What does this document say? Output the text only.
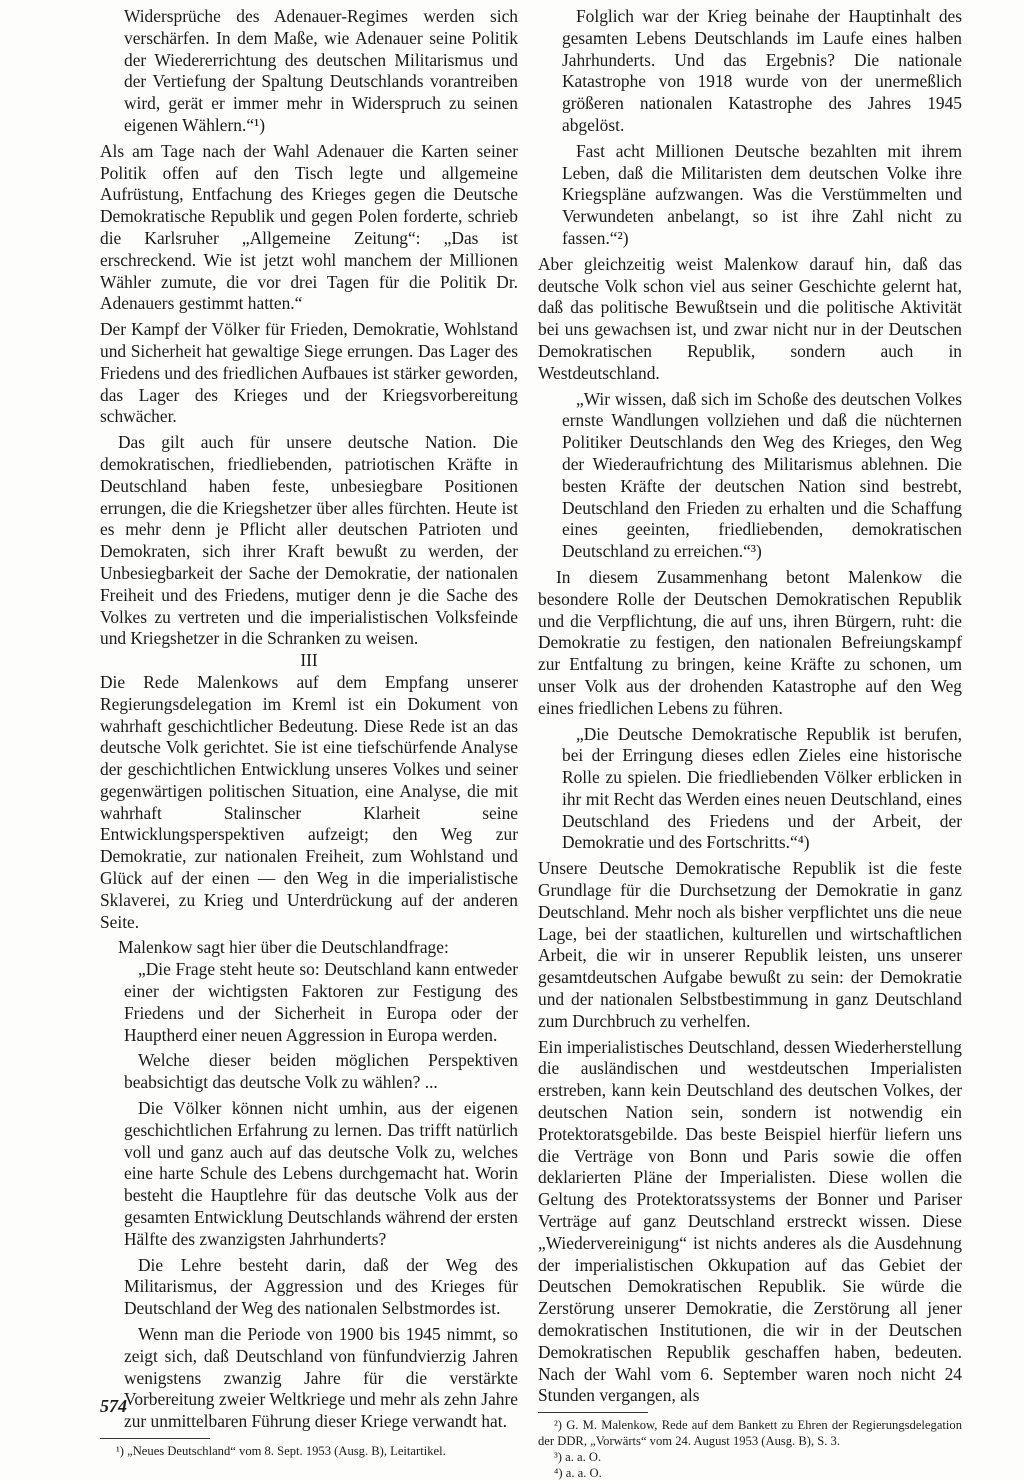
Widersprüche des Adenauer-Regimes werden sich verschärfen. In dem Maße, wie Adenauer seine Politik der Wiedererrichtung des deutschen Militarismus und der Vertiefung der Spaltung Deutschlands vorantreiben wird, gerät er immer mehr in Widerspruch zu seinen eigenen Wählern.“¹)

Als am Tage nach der Wahl Adenauer die Karten seiner Politik offen auf den Tisch legte und allgemeine Aufrüstung, Entfachung des Krieges gegen die Deutsche Demokratische Republik und gegen Polen forderte, schrieb die Karlsruher „Allgemeine Zeitung“: „Das ist erschreckend. Wie ist jetzt wohl manchem der Millionen Wähler zumute, die vor drei Tagen für die Politik Dr. Adenauers gestimmt hatten.“

Der Kampf der Völker für Frieden, Demokratie, Wohlstand und Sicherheit hat gewaltige Siege errungen. Das Lager des Friedens und des friedlichen Aufbaues ist stärker geworden, das Lager des Krieges und der Kriegsvorbereitung schwächer.

Das gilt auch für unsere deutsche Nation. Die demokratischen, friedliebenden, patriotischen Kräfte in Deutschland haben feste, unbesiegbare Positionen errungen, die die Kriegshetzer über alles fürchten. Heute ist es mehr denn je Pflicht aller deutschen Patrioten und Demokraten, sich ihrer Kraft bewußt zu werden, der Unbesiegbarkeit der Sache der Demokratie, der nationalen Freiheit und des Friedens, mutiger denn je die Sache des Volkes zu vertreten und die imperialistischen Volksfeinde und Kriegshetzer in die Schranken zu weisen.

III

Die Rede Malenkows auf dem Empfang unserer Regierungsdelegation im Kreml ist ein Dokument von wahrhaft geschichtlicher Bedeutung. Diese Rede ist an das deutsche Volk gerichtet. Sie ist eine tiefschürfende Analyse der geschichtlichen Entwicklung unseres Volkes und seiner gegenwärtigen politischen Situation, eine Analyse, die mit wahrhaft Stalinscher Klarheit seine Entwicklungsperspektiven aufzeigt; den Weg zur Demokratie, zur nationalen Freiheit, zum Wohlstand und Glück auf der einen — den Weg in die imperialistische Sklaverei, zu Krieg und Unterdrückung auf der anderen Seite.

Malenkow sagt hier über die Deutschlandfrage:

„Die Frage steht heute so: Deutschland kann entweder einer der wichtigsten Faktoren zur Festigung des Friedens und der Sicherheit in Europa oder der Hauptherd einer neuen Aggression in Europa werden.

Welche dieser beiden möglichen Perspektiven beabsichtigt das deutsche Volk zu wählen? ...

Die Völker können nicht umhin, aus der eigenen geschichtlichen Erfahrung zu lernen. Das trifft natürlich voll und ganz auch auf das deutsche Volk zu, welches eine harte Schule des Lebens durchgemacht hat. Worin besteht die Hauptlehre für das deutsche Volk aus der gesamten Entwicklung Deutschlands während der ersten Hälfte des zwanzigsten Jahrhunderts?

Die Lehre besteht darin, daß der Weg des Militarismus, der Aggression und des Krieges für Deutschland der Weg des nationalen Selbstmordes ist.

Wenn man die Periode von 1900 bis 1945 nimmt, so zeigt sich, daß Deutschland von fünfundvierzig Jahren wenigstens zwanzig Jahre für die verstärkte Vorbereitung zweier Weltkriege und mehr als zehn Jahre zur unmittelbaren Führung dieser Kriege verwandt hat.

¹) „Neues Deutschland“ vom 8. Sept. 1953 (Ausg. B), Leitartikel.

Folglich war der Krieg beinahe der Hauptinhalt des gesamten Lebens Deutschlands im Laufe eines halben Jahrhunderts. Und das Ergebnis? Die nationale Katastrophe von 1918 wurde von der unermeßlich größeren nationalen Katastrophe des Jahres 1945 abgelöst.

Fast acht Millionen Deutsche bezahlten mit ihrem Leben, daß die Militaristen dem deutschen Volke ihre Kriegspläne aufzwangen. Was die Verstümmelten und Verwundeten anbelangt, so ist ihre Zahl nicht zu fassen.“²)

Aber gleichzeitig weist Malenkow darauf hin, daß das deutsche Volk schon viel aus seiner Geschichte gelernt hat, daß das politische Bewußtsein und die politische Aktivität bei uns gewachsen ist, und zwar nicht nur in der Deutschen Demokratischen Republik, sondern auch in Westdeutschland.

„Wir wissen, daß sich im Schoße des deutschen Volkes ernste Wandlungen vollziehen und daß die nüchternen Politiker Deutschlands den Weg des Krieges, den Weg der Wiederaufrichtung des Militarismus ablehnen. Die besten Kräfte der deutschen Nation sind bestrebt, Deutschland den Frieden zu erhalten und die Schaffung eines geeinten, friedliebenden, demokratischen Deutschland zu erreichen.“³)

In diesem Zusammenhang betont Malenkow die besondere Rolle der Deutschen Demokratischen Republik und die Verpflichtung, die auf uns, ihren Bürgern, ruht: die Demokratie zu festigen, den nationalen Befreiungskampf zur Entfaltung zu bringen, keine Kräfte zu schonen, um unser Volk aus der drohenden Katastrophe auf den Weg eines friedlichen Lebens zu führen.

„Die Deutsche Demokratische Republik ist berufen, bei der Erringung dieses edlen Zieles eine historische Rolle zu spielen. Die friedliebenden Völker erblicken in ihr mit Recht das Werden eines neuen Deutschland, eines Deutschland des Friedens und der Arbeit, der Demokratie und des Fortschritts.“⁴)

Unsere Deutsche Demokratische Republik ist die feste Grundlage für die Durchsetzung der Demokratie in ganz Deutschland. Mehr noch als bisher verpflichtet uns die neue Lage, bei der staatlichen, kulturellen und wirtschaftlichen Arbeit, die wir in unserer Republik leisten, uns unserer gesamtdeutschen Aufgabe bewußt zu sein: der Demokratie und der nationalen Selbstbestimmung in ganz Deutschland zum Durchbruch zu verhelfen.

Ein imperialistisches Deutschland, dessen Wiederherstellung die ausländischen und westdeutschen Imperialisten erstreben, kann kein Deutschland des deutschen Volkes, der deutschen Nation sein, sondern ist notwendig ein Protektoratsgebilde. Das beste Beispiel hierfür liefern uns die Verträge von Bonn und Paris sowie die offen deklarierten Pläne der Imperialisten. Diese wollen die Geltung des Protektoratssystems der Bonner und Pariser Verträge auf ganz Deutschland erstreckt wissen. Diese „Wiedervereinigung“ ist nichts anderes als die Ausdehnung der imperialistischen Okkupation auf das Gebiet der Deutschen Demokratischen Republik. Sie würde die Zerstörung unserer Demokratie, die Zerstörung all jener demokratischen Institutionen, die wir in der Deutschen Demokratischen Republik geschaffen haben, bedeuten. Nach der Wahl vom 6. September waren noch nicht 24 Stunden vergangen, als

²) G. M. Malenkow, Rede auf dem Bankett zu Ehren der Regierungsdelegation der DDR, „Vorwärts“ vom 24. August 1953 (Ausg. B), S. 3.

³) a. a. O.

⁴) a. a. O.

574
